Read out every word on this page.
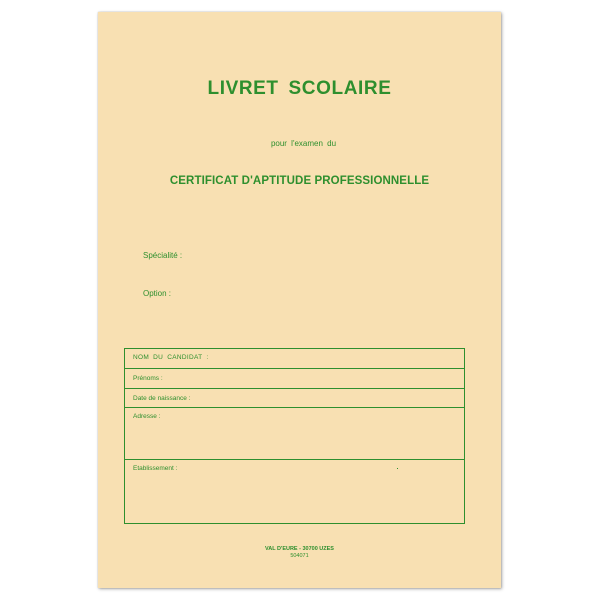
LIVRET SCOLAIRE
pour l'examen du
CERTIFICAT D'APTITUDE PROFESSIONNELLE
Spécialité :
Option :
NOM DU CANDIDAT :
Prénoms :
Date de naissance :
Adresse :
Etablissement :
VAL D'EURE - 30700 UZES
504071
